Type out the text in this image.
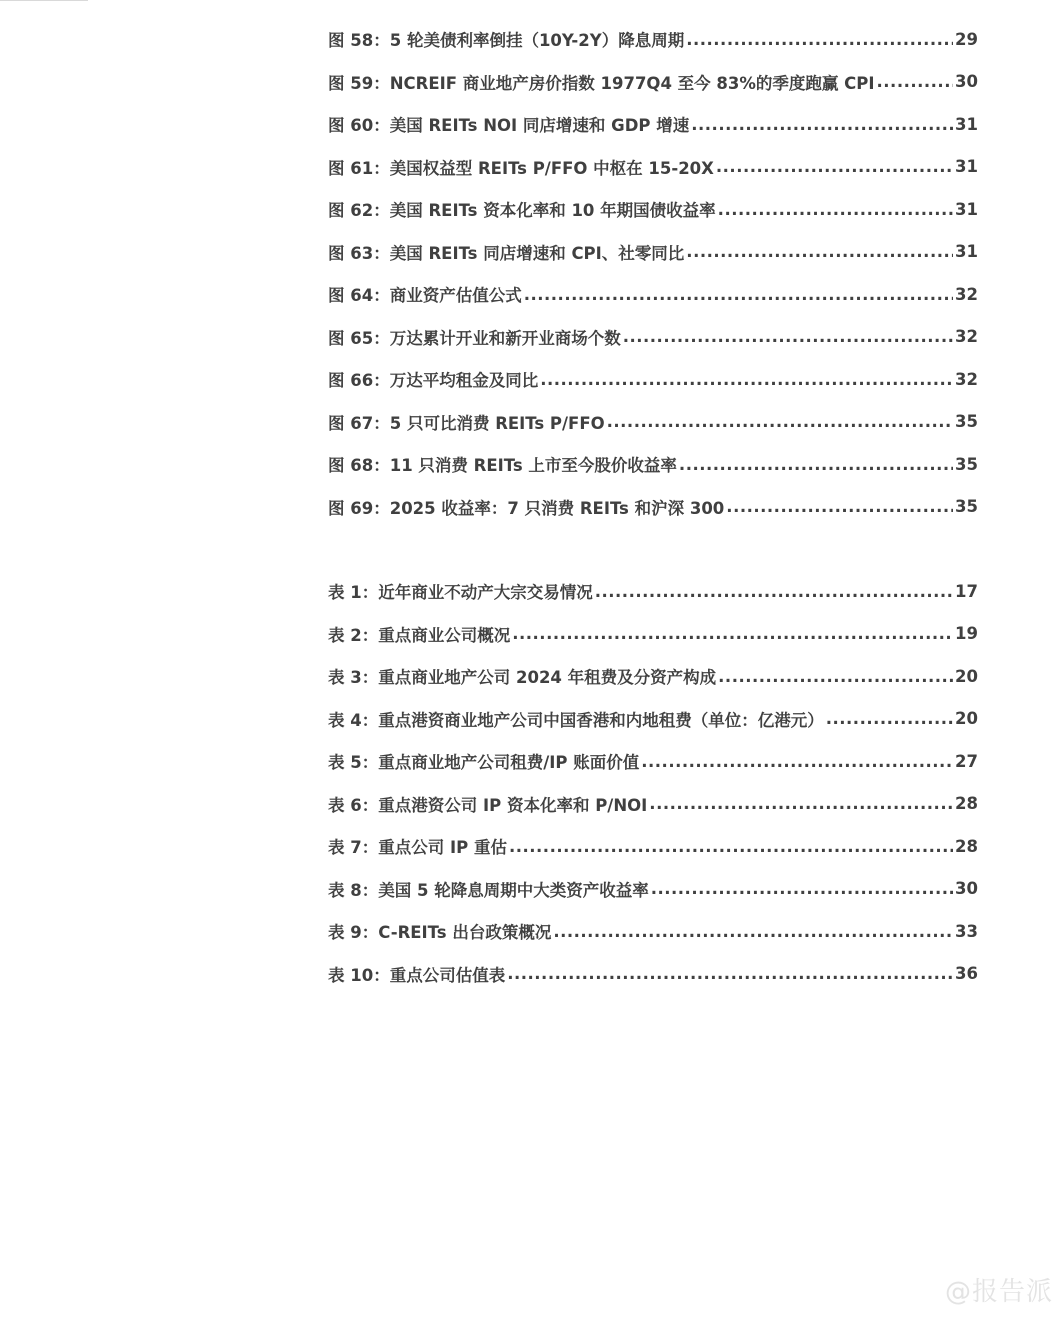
图 58：5 轮美债利率倒挂（10Y-2Y）降息周期 .....	29
图 59：NCREIF 商业地产房价指数 1977Q4 至今 83%的季度跑赢 CPI .....	30
图 60：美国 REITs NOI 同店增速和 GDP 增速 .....	31
图 61：美国权益型 REITs P/FFO 中枢在 15-20X .....	31
图 62：美国 REITs 资本化率和 10 年期国债收益率 .....	31
图 63：美国 REITs 同店增速和 CPI、社零同比 .....	31
图 64：商业资产估值公式 .....	32
图 65：万达累计开业和新开业商场个数 .....	32
图 66：万达平均租金及同比 .....	32
图 67：5 只可比消费 REITs P/FFO .....	35
图 68：11 只消费 REITs 上市至今股价收益率 .....	35
图 69：2025 收益率：7 只消费 REITs 和沪深 300 .....	35
表 1：近年商业不动产大宗交易情况 .....	17
表 2：重点商业公司概况 .....	19
表 3：重点商业地产公司 2024 年租费及分资产构成 .....	20
表 4：重点港资商业地产公司中国香港和内地租费（单位：亿港元） .....	20
表 5：重点商业地产公司租费/IP 账面价值 .....	27
表 6：重点港资公司 IP 资本化率和 P/NOI .....	28
表 7：重点公司 IP 重估 .....	28
表 8：美国 5 轮降息周期中大类资产收益率 .....	30
表 9：C-REITs 出台政策概况 .....	33
表 10：重点公司估值表 .....	36
@报告派
